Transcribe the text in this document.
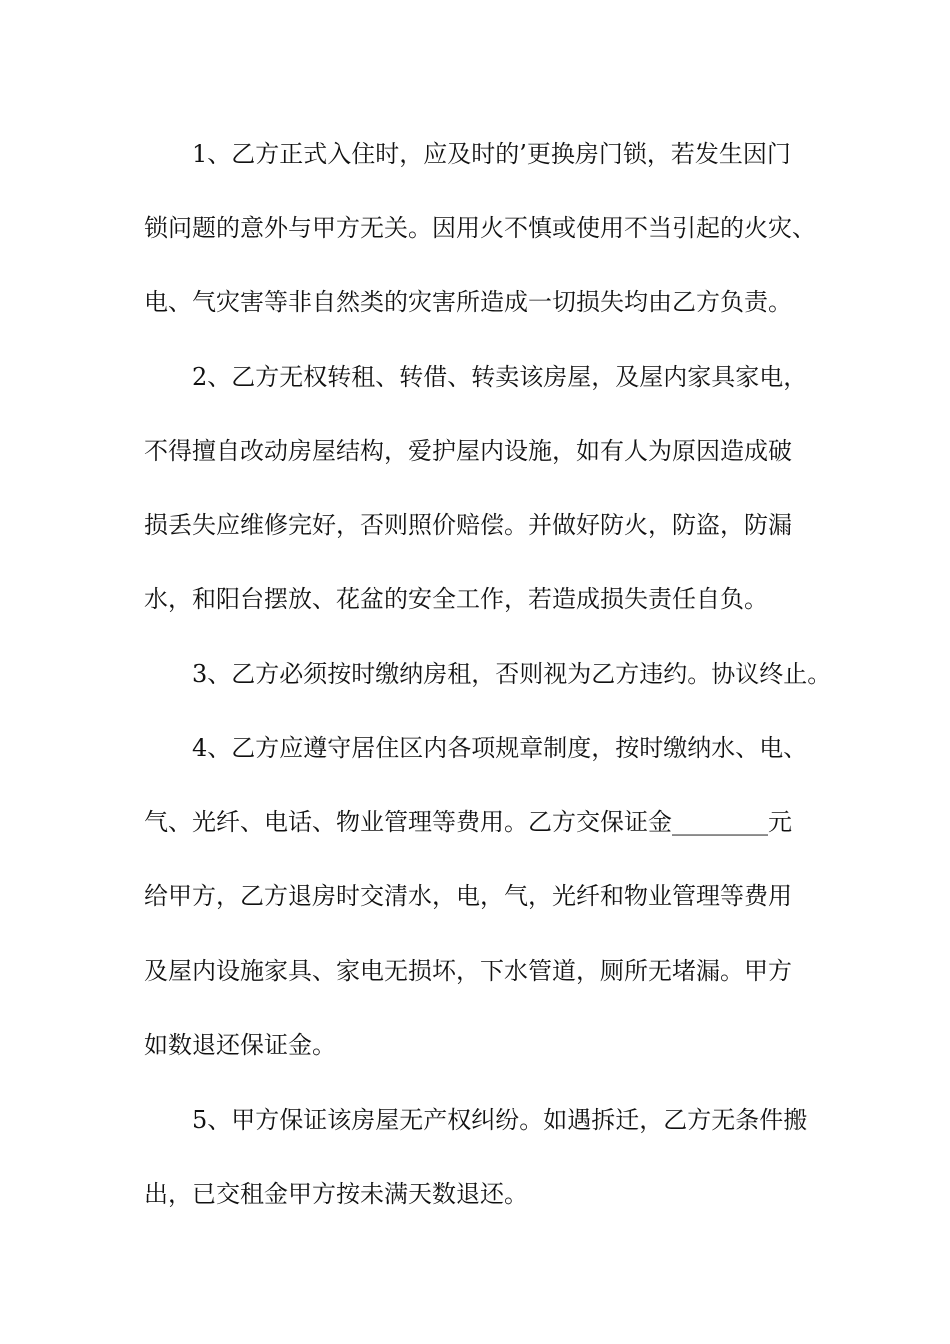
1、乙方正式入住时，应及时的’更换房门锁，若发生因门
锁问题的意外与甲方无关。因用火不慎或使用不当引起的火灾、
电、气灾害等非自然类的灾害所造成一切损失均由乙方负责。
2、乙方无权转租、转借、转卖该房屋，及屋内家具家电，
不得擅自改动房屋结构，爱护屋内设施，如有人为原因造成破
损丢失应维修完好，否则照价赔偿。并做好防火，防盗，防漏
水，和阳台摆放、花盆的安全工作，若造成损失责任自负。
3、乙方必须按时缴纳房租，否则视为乙方违约。协议终止。
4、乙方应遵守居住区内各项规章制度，按时缴纳水、电、
气、光纤、电话、物业管理等费用。乙方交保证金________元
给甲方，乙方退房时交清水，电，气，光纤和物业管理等费用
及屋内设施家具、家电无损坏，下水管道，厕所无堵漏。甲方
如数退还保证金。
5、甲方保证该房屋无产权纠纷。如遇拆迁，乙方无条件搬
出，已交租金甲方按未满天数退还。
